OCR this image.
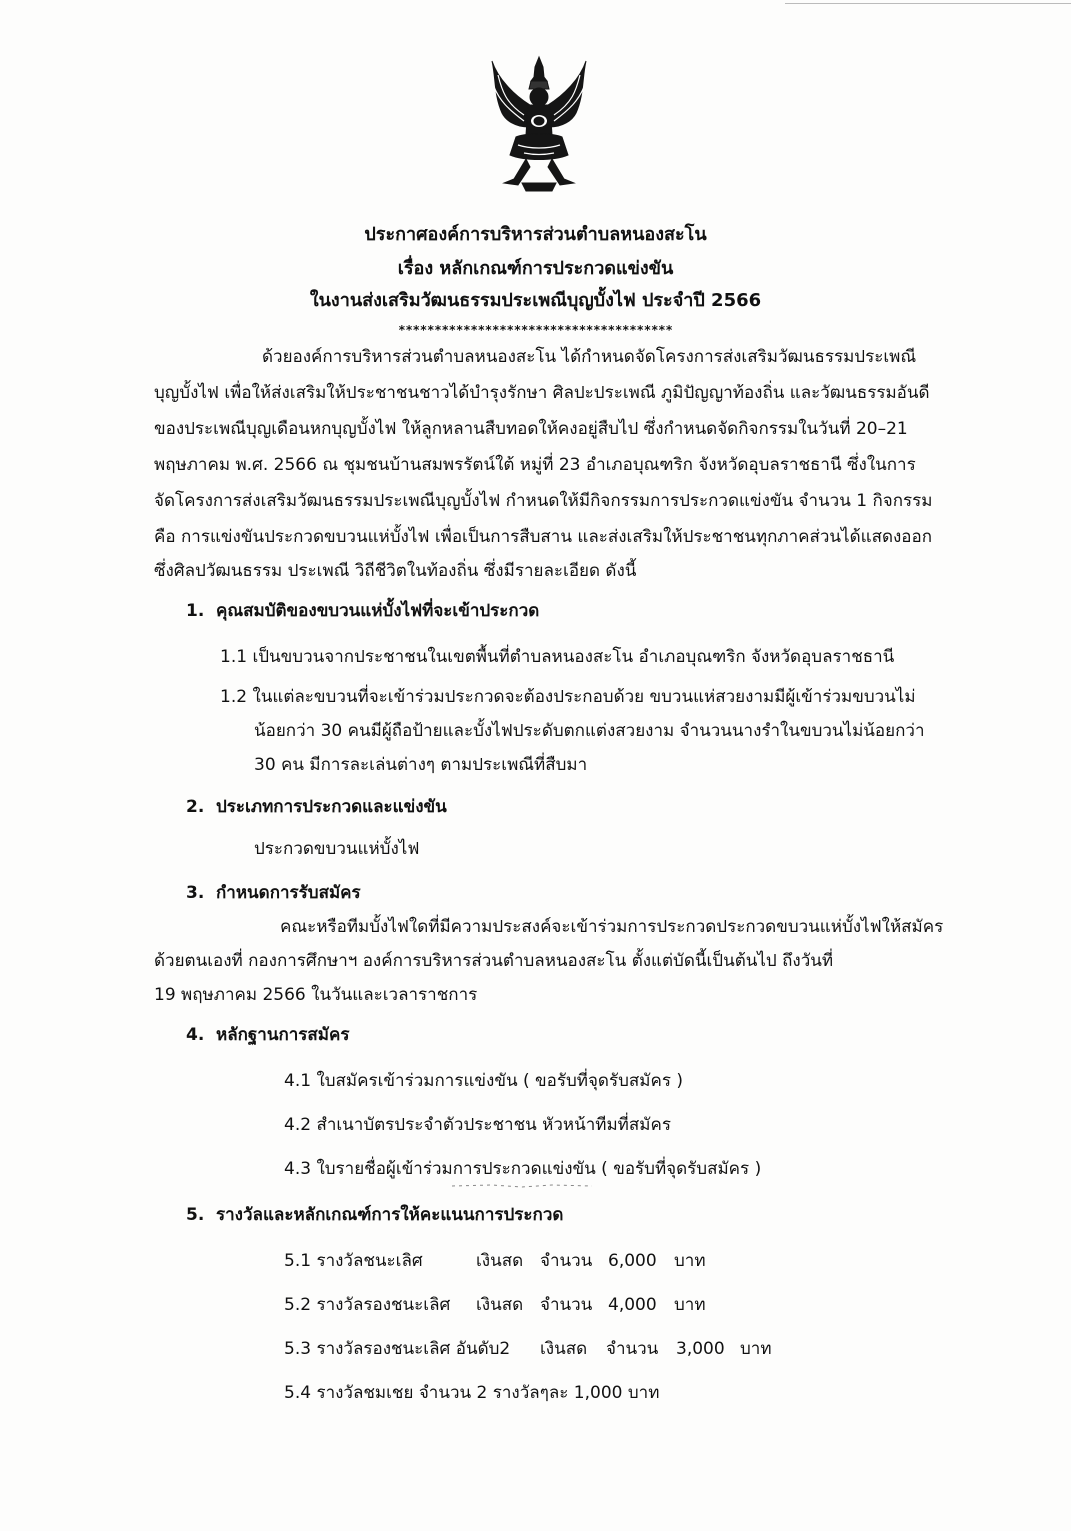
ประกาศองค์การบริหารส่วนตำบลหนองสะโน
เรื่อง หลักเกณฑ์การประกวดแข่งขัน
ในงานส่งเสริมวัฒนธรรมประเพณีบุญบั้งไฟ ประจำปี 2566
**************************************
ด้วยองค์การบริหารส่วนตำบลหนองสะโน ได้กำหนดจัดโครงการส่งเสริมวัฒนธรรมประเพณี
บุญบั้งไฟ เพื่อให้ส่งเสริมให้ประชาชนชาวได้บำรุงรักษา ศิลปะประเพณี ภูมิปัญญาท้องถิ่น และวัฒนธรรมอันดี
ของประเพณีบุญเดือนหกบุญบั้งไฟ ให้ลูกหลานสืบทอดให้คงอยู่สืบไป ซึ่งกำหนดจัดกิจกรรมในวันที่ 20–21
พฤษภาคม พ.ศ. 2566 ณ ชุมชนบ้านสมพรรัตน์ใต้ หมู่ที่ 23 อำเภอบุณฑริก จังหวัดอุบลราชธานี ซึ่งในการ
จัดโครงการส่งเสริมวัฒนธรรมประเพณีบุญบั้งไฟ กำหนดให้มีกิจกรรมการประกวดแข่งขัน จำนวน 1 กิจกรรม
คือ การแข่งขันประกวดขบวนแห่บั้งไฟ เพื่อเป็นการสืบสาน และส่งเสริมให้ประชาชนทุกภาคส่วนได้แสดงออก
ซึ่งศิลปวัฒนธรรม ประเพณี วิถีชีวิตในท้องถิ่น ซึ่งมีรายละเอียด ดังนี้
1. คุณสมบัติของขบวนแห่บั้งไฟที่จะเข้าประกวด
1.1 เป็นขบวนจากประชาชนในเขตพื้นที่ตำบลหนองสะโน อำเภอบุณฑริก จังหวัดอุบลราชธานี
1.2 ในแต่ละขบวนที่จะเข้าร่วมประกวดจะต้องประกอบด้วย ขบวนแห่สวยงามมีผู้เข้าร่วมขบวนไม่
น้อยกว่า 30 คนมีผู้ถือป้ายและบั้งไฟประดับตกแต่งสวยงาม จำนวนนางรำในขบวนไม่น้อยกว่า
30 คน มีการละเล่นต่างๆ ตามประเพณีที่สืบมา
2. ประเภทการประกวดและแข่งขัน
ประกวดขบวนแห่บั้งไฟ
3. กำหนดการรับสมัคร
คณะหรือทีมบั้งไฟใดที่มีความประสงค์จะเข้าร่วมการประกวดประกวดขบวนแห่บั้งไฟให้สมัคร
ด้วยตนเองที่ กองการศึกษาฯ องค์การบริหารส่วนตำบลหนองสะโน ตั้งแต่บัดนี้เป็นต้นไป ถึงวันที่
19 พฤษภาคม 2566 ในวันและเวลาราชการ
4. หลักฐานการสมัคร
4.1 ใบสมัครเข้าร่วมการแข่งขัน ( ขอรับที่จุดรับสมัคร )
4.2 สำเนาบัตรประจำตัวประชาชน หัวหน้าทีมที่สมัคร
4.3 ใบรายชื่อผู้เข้าร่วมการประกวดแข่งขัน ( ขอรับที่จุดรับสมัคร )
5. รางวัลและหลักเกณฑ์การให้คะแนนการประกวด
5.1 รางวัลชนะเลิศ	เงินสด จำนวน 6,000 บาท
5.2 รางวัลรองชนะเลิศ เงินสด จำนวน 4,000 บาท
5.3 รางวัลรองชนะเลิศ อันดับ2 เงินสด จำนวน 3,000 บาท
5.4 รางวัลชมเชย จำนวน 2 รางวัลๆละ 1,000 บาท
